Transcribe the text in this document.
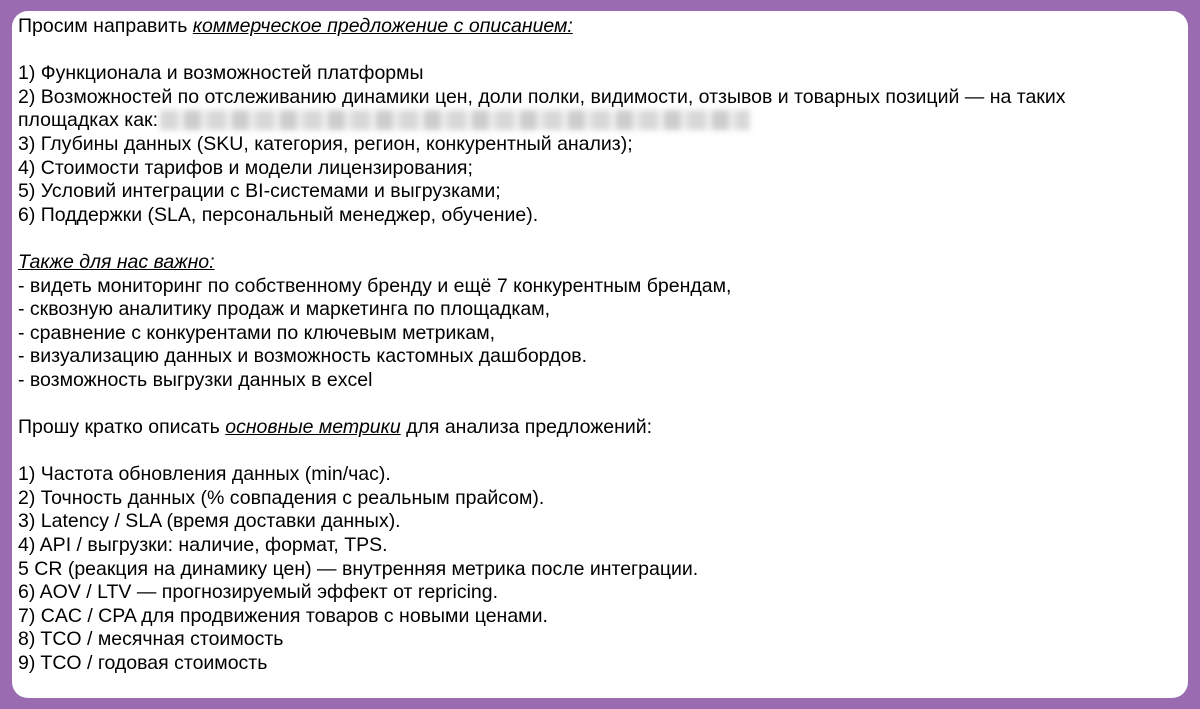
Просим направить коммерческое предложение с описанием:
1) Функционала и возможностей платформы
2) Возможностей по отслеживанию динамики цен, доли полки, видимости, отзывов и товарных позиций — на таких
площадках как:
3) Глубины данных (SKU, категория, регион, конкурентный анализ);
4) Стоимости тарифов и модели лицензирования;
5) Условий интеграции с BI-системами и выгрузками;
6) Поддержки (SLA, персональный менеджер, обучение).
Также для нас важно:
- видеть мониторинг по собственному бренду и ещё 7 конкурентным брендам,
- сквозную аналитику продаж и маркетинга по площадкам,
- сравнение с конкурентами по ключевым метрикам,
- визуализацию данных и возможность кастомных дашбордов.
- возможность выгрузки данных в excel
Прошу кратко описать основные метрики для анализа предложений:
1) Частота обновления данных (min/час).
2) Точность данных (% совпадения с реальным прайсом).
3) Latency / SLA (время доставки данных).
4) API / выгрузки: наличие, формат, TPS.
5 CR (реакция на динамику цен) — внутренняя метрика после интеграции.
6) AOV / LTV — прогнозируемый эффект от repricing.
7) CAC / CPA для продвижения товаров с новыми ценами.
8) TCO / месячная стоимость
9) TCO / годовая стоимость
